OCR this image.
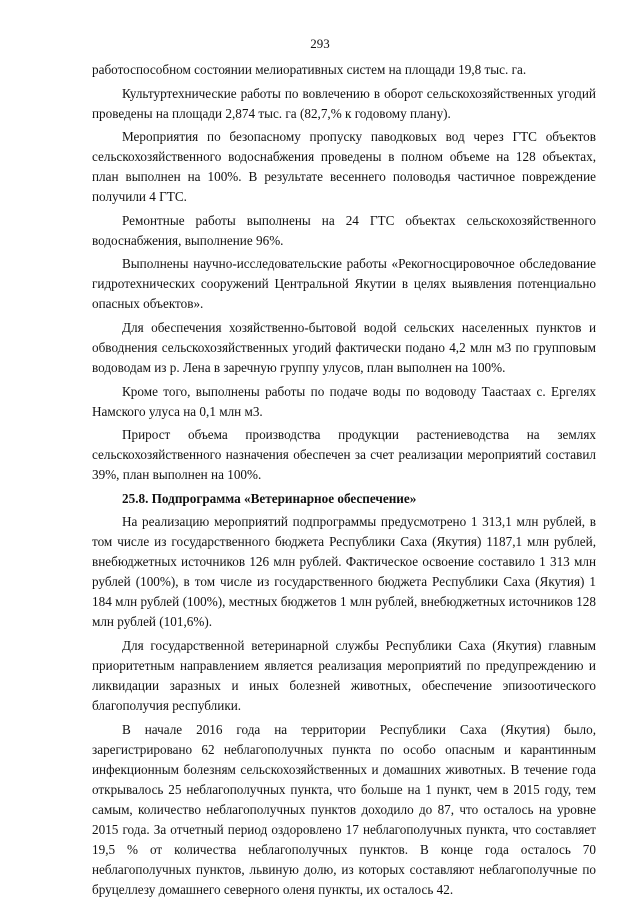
293

работоспособном состоянии мелиоративных систем на площади 19,8 тыс. га.

Культуртехнические работы по вовлечению в оборот сельскохозяйственных угодий проведены на площади 2,874 тыс. га (82,7,% к годовому плану).

Мероприятия по безопасному пропуску паводковых вод через ГТС объектов сельскохозяйственного водоснабжения проведены в полном объеме на 128 объектах, план выполнен на 100%. В результате весеннего половодья частичное повреждение получили 4 ГТС.

Ремонтные работы выполнены на 24 ГТС объектах сельскохозяйственного водоснабжения, выполнение 96%.

Выполнены научно-исследовательские работы «Рекогносцировочное обследование гидротехнических сооружений Центральной Якутии в целях выявления потенциально опасных объектов».

Для обеспечения хозяйственно-бытовой водой сельских населенных пунктов и обводнения сельскохозяйственных угодий фактически подано 4,2 млн м3 по групповым водоводам из р. Лена в заречную группу улусов, план выполнен на 100%.

Кроме того, выполнены работы по подаче воды по водоводу Таастаах с. Ергелях Намского улуса на 0,1 млн м3.

Прирост объема производства продукции растениеводства на землях сельскохозяйственного назначения обеспечен за счет реализации мероприятий составил 39%, план выполнен на 100%.

25.8. Подпрограмма «Ветеринарное обеспечение»

На реализацию мероприятий подпрограммы предусмотрено 1 313,1 млн рублей, в том числе из государственного бюджета Республики Саха (Якутия) 1187,1 млн рублей, внебюджетных источников 126 млн рублей. Фактическое освоение составило 1 313 млн рублей (100%), в том числе из государственного бюджета Республики Саха (Якутия) 1 184 млн рублей (100%), местных бюджетов 1 млн рублей, внебюджетных источников 128 млн рублей (101,6%).

Для государственной ветеринарной службы Республики Саха (Якутия) главным приоритетным направлением является реализация мероприятий по предупреждению и ликвидации заразных и иных болезней животных, обеспечение эпизоотического благополучия республики.

В начале 2016 года на территории Республики Саха (Якутия) было, зарегистрировано 62 неблагополучных пункта по особо опасным и карантинным инфекционным болезням сельскохозяйственных и домашних животных. В течение года открывалось 25 неблагополучных пункта, что больше на 1 пункт, чем в 2015 году, тем самым, количество неблагополучных пунктов доходило до 87, что осталось на уровне 2015 года. За отчетный период оздоровлено 17 неблагополучных пункта, что составляет 19,5 % от количества неблагополучных пунктов. В конце года осталось 70 неблагополучных пунктов, львиную долю, из которых составляют неблагополучные по бруцеллезу домашнего северного оленя пункты, их осталось 42.
